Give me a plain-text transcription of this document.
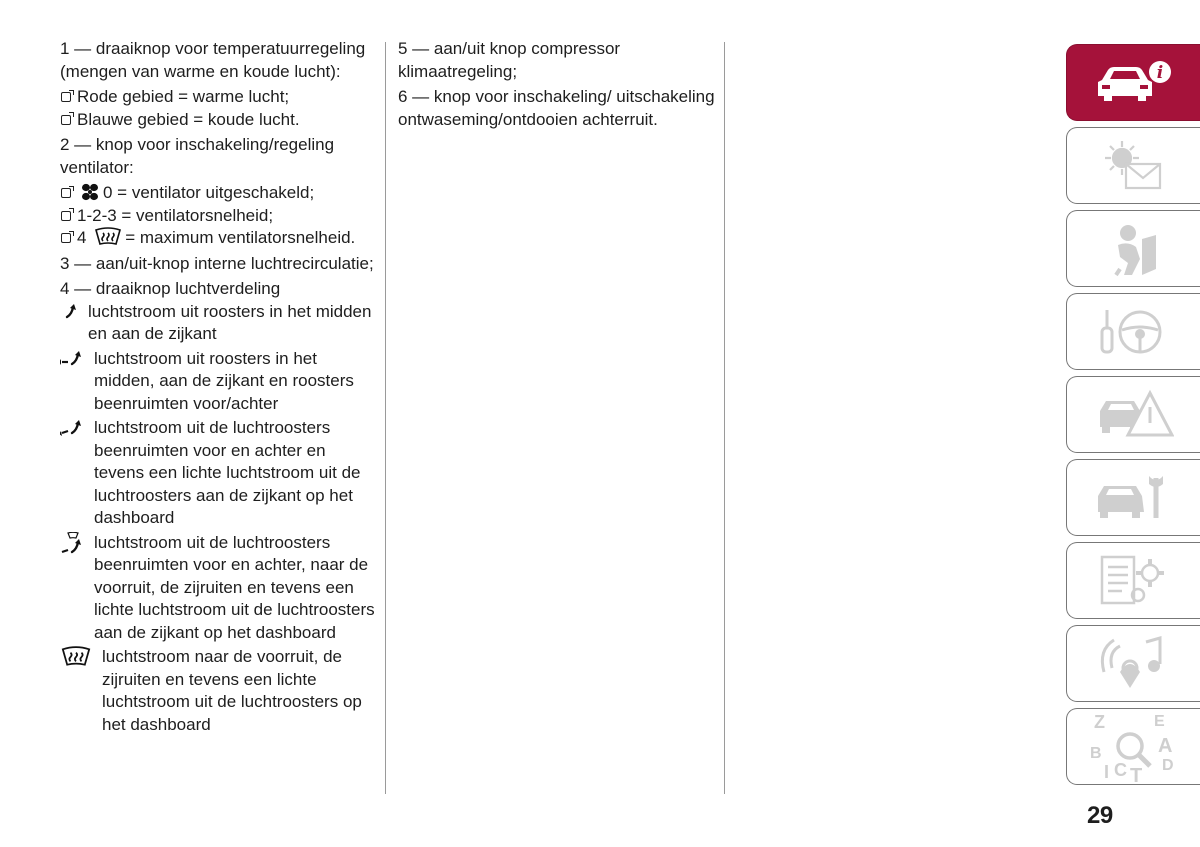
1 — draaiknop voor temperatuurregeling (mengen van warme en koude lucht):

Rode gebied = warme lucht;
Blauwe gebied = koude lucht.

2 — knop voor inschakeling/regeling ventilator:

0 = ventilator uitgeschakeld;
1-2-3 = ventilatorsnelheid;
4 = maximum ventilatorsnelheid.

3 — aan/uit-knop interne luchtrecirculatie;

4 — draaiknop luchtverdeling

luchtstroom uit roosters in het midden en aan de zijkant
luchtstroom uit roosters in het midden, aan de zijkant en roosters beenruimten voor/achter
luchtstroom uit de luchtroosters beenruimten voor en achter en tevens een lichte luchtstroom uit de luchtroosters aan de zijkant op het dashboard
luchtstroom uit de luchtroosters beenruimten voor en achter, naar de voorruit, de zijruiten en tevens een lichte luchtstroom uit de luchtroosters aan de zijkant op het dashboard
luchtstroom naar de voorruit, de zijruiten en tevens een lichte luchtstroom uit de luchtroosters op het dashboard

5 — aan/uit knop compressor klimaatregeling;

6 — knop voor inschakeling/ uitschakeling ontwaseming/ontdooien achterruit.

i
Z	E
A
D
T
C
I
B
29
